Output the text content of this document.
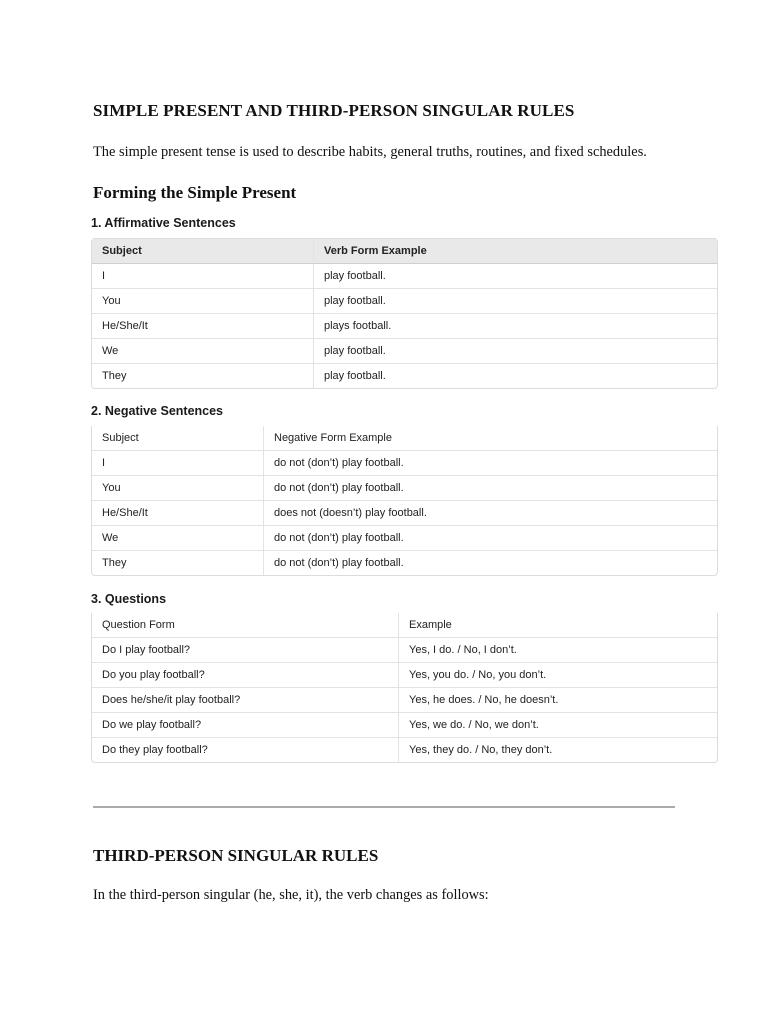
SIMPLE PRESENT AND THIRD-PERSON SINGULAR RULES

The simple present tense is used to describe habits, general truths, routines, and fixed schedules.

Forming the Simple Present
1. Affirmative Sentences
Subject	Verb Form Example
I	play football.
You	play football.
He/She/It	plays football.
We	play football.
They	play football.
2. Negative Sentences
Subject	Negative Form Example
I	do not (don’t) play football.
You	do not (don’t) play football.
He/She/It	does not (doesn’t) play football.
We	do not (don’t) play football.
They	do not (don’t) play football.
3. Questions
Question Form	Example
Do I play football?	Yes, I do. / No, I don’t.
Do you play football?	Yes, you do. / No, you don’t.
Does he/she/it play football?	Yes, he does. / No, he doesn’t.
Do we play football?	Yes, we do. / No, we don’t.
Do they play football?	Yes, they do. / No, they don’t.
THIRD-PERSON SINGULAR RULES

In the third-person singular (he, she, it), the verb changes as follows:
